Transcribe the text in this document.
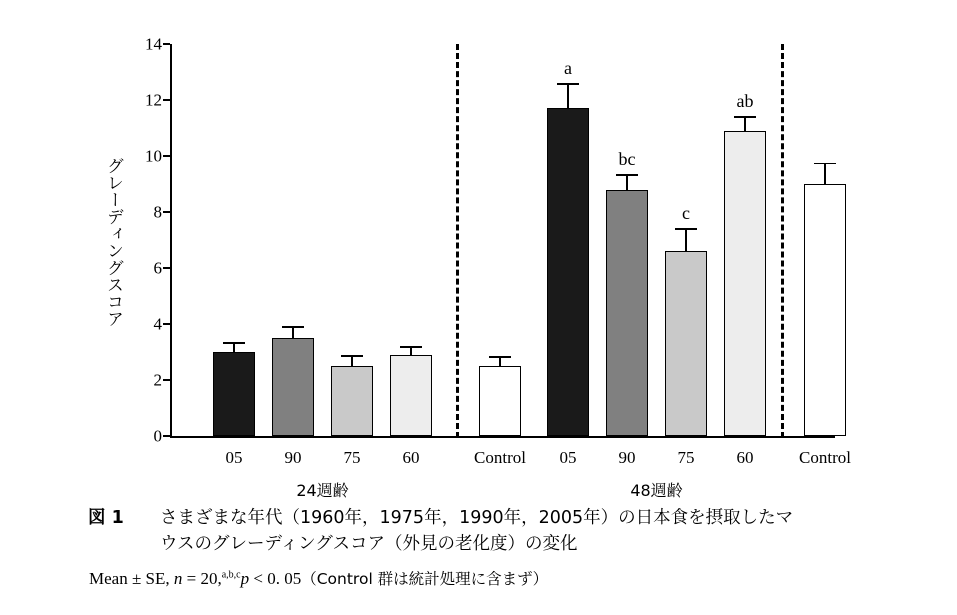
グレーディングスコア
0
2
4
6
8
10
12
14
a
bc
c
ab
05 90 75 60	Control
24週齢
05 90 75 60	Control
48週齢
図 1 さまざまな年代（1960年，1975年，1990年，2005年）の日本食を摂取したマ
ウスのグレーディングスコア（外見の老化度）の変化
Mean ± SE, n = 20,$^{a,b,c}$p < 0. 05（Control 群は統計処理に含まず）
